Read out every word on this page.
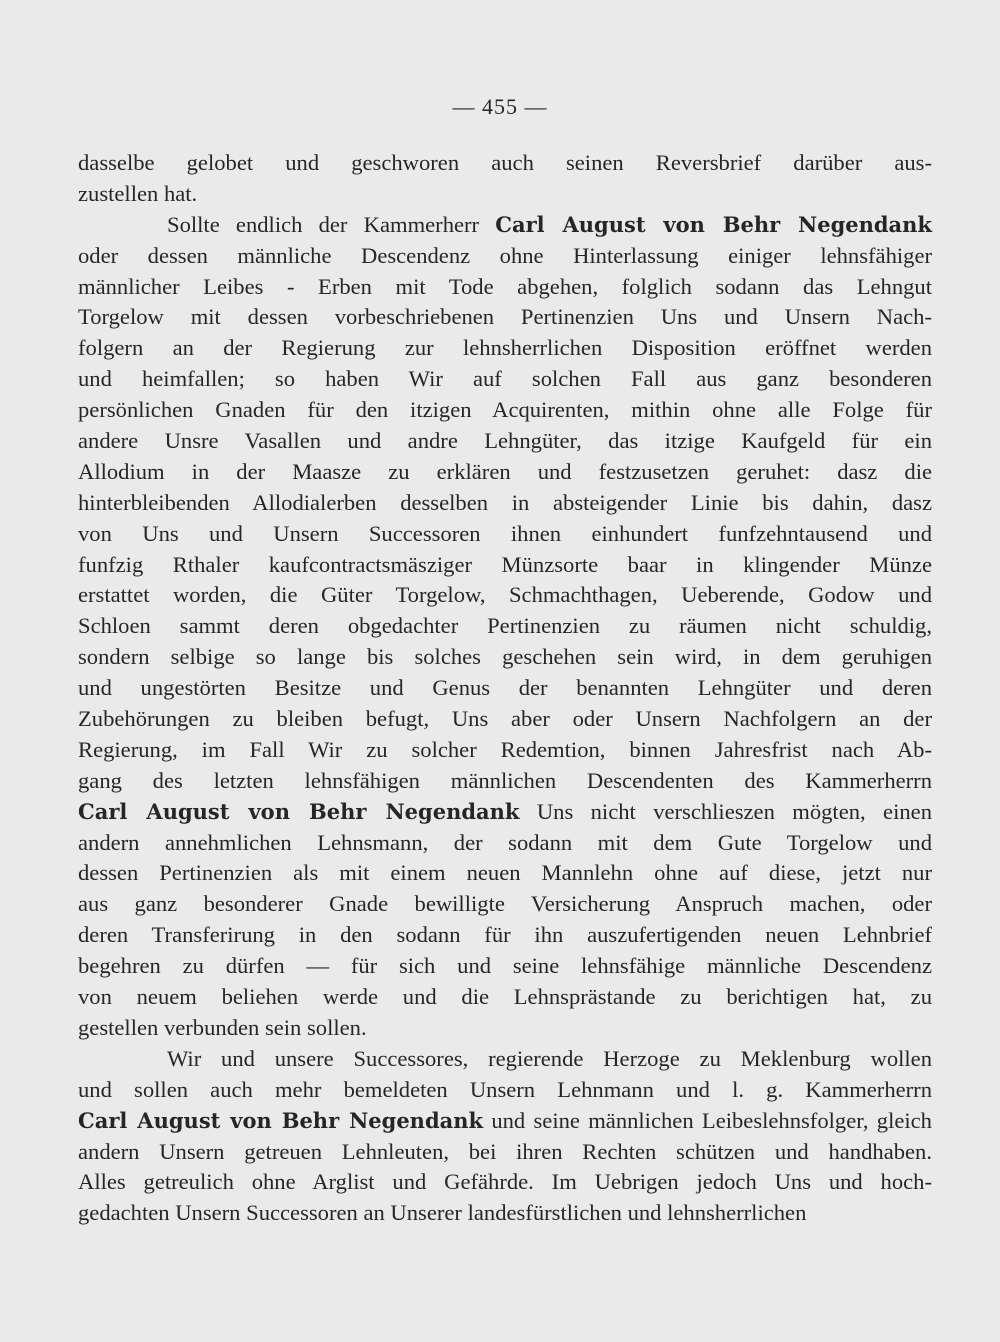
— 455 —
dasselbe gelobet und geschworen auch seinen Reversbrief darüber aus-
zustellen hat.
Sollte endlich der Kammerherr Carl August von Behr Negendank
oder dessen männliche Descendenz ohne Hinterlassung einiger lehnsfähiger
männlicher Leibes - Erben mit Tode abgehen, folglich sodann das Lehngut
Torgelow mit dessen vorbeschriebenen Pertinenzien Uns und Unsern Nach-
folgern an der Regierung zur lehnsherrlichen Disposition eröffnet werden
und heimfallen; so haben Wir auf solchen Fall aus ganz besonderen
persönlichen Gnaden für den itzigen Acquirenten, mithin ohne alle Folge für
andere Unsre Vasallen und andre Lehngüter, das itzige Kaufgeld für ein
Allodium in der Maasze zu erklären und festzusetzen geruhet: dasz die
hinterbleibenden Allodialerben desselben in absteigender Linie bis dahin, dasz
von Uns und Unsern Successoren ihnen einhundert funfzehntausend und
funfzig Rthaler kaufcontractsmäsziger Münzsorte baar in klingender Münze
erstattet worden, die Güter Torgelow, Schmachthagen, Ueberende, Godow und
Schloen sammt deren obgedachter Pertinenzien zu räumen nicht schuldig,
sondern selbige so lange bis solches geschehen sein wird, in dem geruhigen
und ungestörten Besitze und Genus der benannten Lehngüter und deren
Zubehörungen zu bleiben befugt, Uns aber oder Unsern Nachfolgern an der
Regierung, im Fall Wir zu solcher Redemtion, binnen Jahresfrist nach Ab-
gang des letzten lehnsfähigen männlichen Descendenten des Kammerherrn
Carl August von Behr Negendank Uns nicht verschlieszen mögten, einen
andern annehmlichen Lehnsmann, der sodann mit dem Gute Torgelow und
dessen Pertinenzien als mit einem neuen Mannlehn ohne auf diese, jetzt nur
aus ganz besonderer Gnade bewilligte Versicherung Anspruch machen, oder
deren Transferirung in den sodann für ihn auszufertigenden neuen Lehnbrief
begehren zu dürfen — für sich und seine lehnsfähige männliche Descendenz
von neuem beliehen werde und die Lehnsprästande zu berichtigen hat, zu
gestellen verbunden sein sollen.
Wir und unsere Successores, regierende Herzoge zu Meklenburg wollen
und sollen auch mehr bemeldeten Unsern Lehnmann und l. g. Kammerherrn
Carl August von Behr Negendank und seine männlichen Leibeslehnsfolger, gleich
andern Unsern getreuen Lehnleuten, bei ihren Rechten schützen und handhaben.
Alles getreulich ohne Arglist und Gefährde. Im Uebrigen jedoch Uns und hoch-
gedachten Unsern Successoren an Unserer landesfürstlichen und lehnsherrlichen
